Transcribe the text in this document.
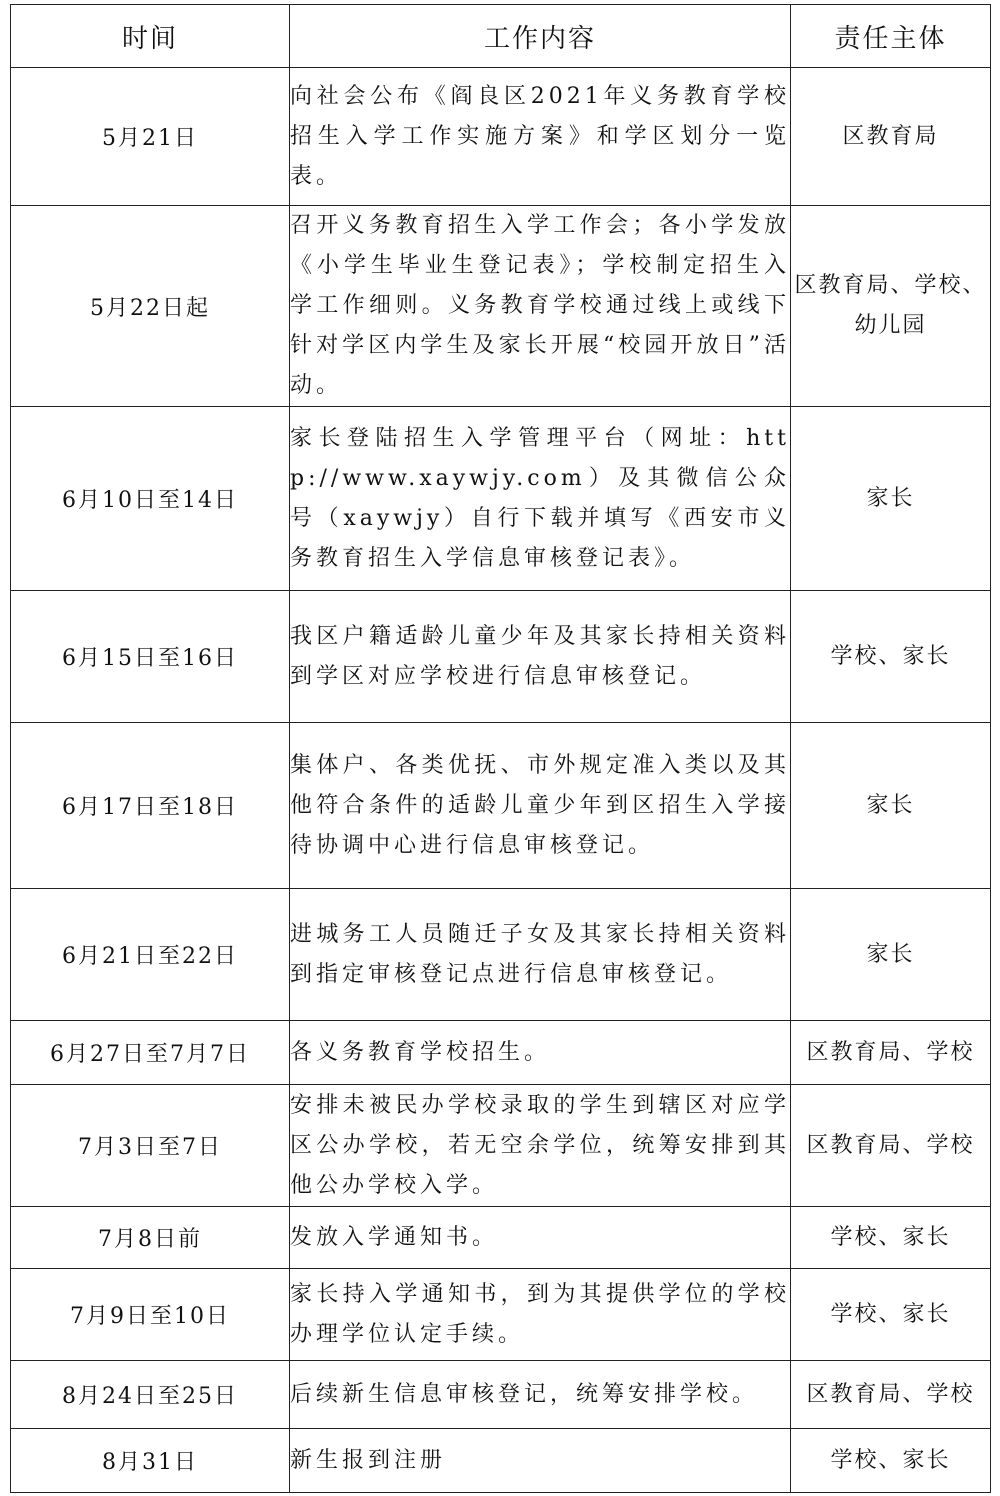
时间	工作内容	责任主体
5月21日	向社会公布《阎良区2021年义务教育学校招生入学工作实施方案》和学区划分一览表。	区教育局
5月22日起	召开义务教育招生入学工作会；各小学发放《小学生毕业生登记表》；学校制定招生入学工作细则。义务教育学校通过线上或线下针对学区内学生及家长开展“校园开放日”活动。	区教育局、学校、幼儿园
6月10日至14日	家长登陆招生入学管理平台（网址：http://www.xaywjy.com）及其微信公众号（xaywjy）自行下载并填写《西安市义务教育招生入学信息审核登记表》。	家长
6月15日至16日	我区户籍适龄儿童少年及其家长持相关资料到学区对应学校进行信息审核登记。	学校、家长
6月17日至18日	集体户、各类优抚、市外规定准入类以及其他符合条件的适龄儿童少年到区招生入学接待协调中心进行信息审核登记。	家长
6月21日至22日	进城务工人员随迁子女及其家长持相关资料到指定审核登记点进行信息审核登记。	家长
6月27日至7月7日	各义务教育学校招生。	区教育局、学校
7月3日至7日	安排未被民办学校录取的学生到辖区对应学区公办学校，若无空余学位，统筹安排到其他公办学校入学。	区教育局、学校
7月8日前	发放入学通知书。	学校、家长
7月9日至10日	家长持入学通知书，到为其提供学位的学校办理学位认定手续。	学校、家长
8月24日至25日	后续新生信息审核登记，统筹安排学校。	区教育局、学校
8月31日	新生报到注册	学校、家长
